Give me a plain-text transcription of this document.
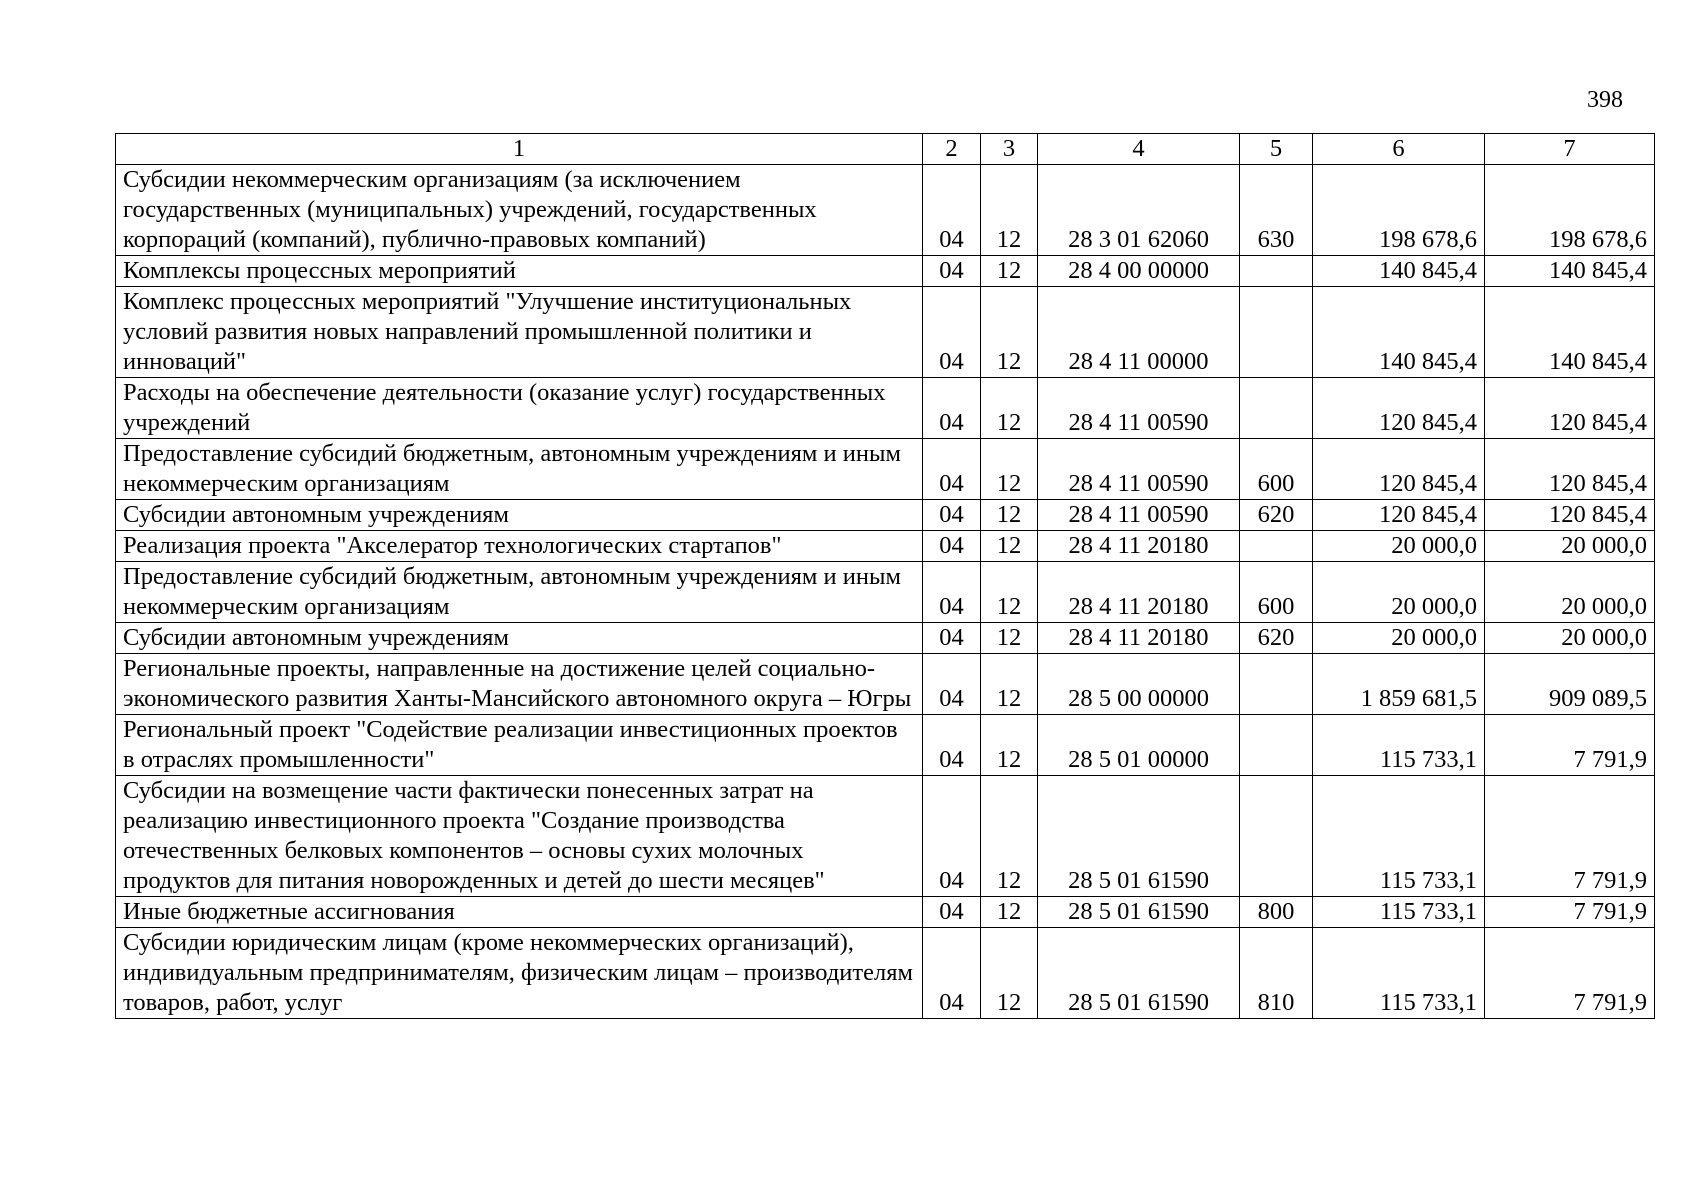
398
1	2	3	4	5	6	7
Субсидии некоммерческим организациям (за исключением государственных (муниципальных) учреждений, государственных корпораций (компаний), публично-правовых компаний)	04	12	28 3 01 62060	630	198 678,6	198 678,6
Комплексы процессных мероприятий	04	12	28 4 00 00000		140 845,4	140 845,4
Комплекс процессных мероприятий "Улучшение институциональных условий развития новых направлений промышленной политики и инноваций"	04	12	28 4 11 00000		140 845,4	140 845,4
Расходы на обеспечение деятельности (оказание услуг) государственных учреждений	04	12	28 4 11 00590		120 845,4	120 845,4
Предоставление субсидий бюджетным, автономным учреждениям и иным некоммерческим организациям	04	12	28 4 11 00590	600	120 845,4	120 845,4
Субсидии автономным учреждениям	04	12	28 4 11 00590	620	120 845,4	120 845,4
Реализация проекта "Акселератор технологических стартапов"	04	12	28 4 11 20180		20 000,0	20 000,0
Предоставление субсидий бюджетным, автономным учреждениям и иным некоммерческим организациям	04	12	28 4 11 20180	600	20 000,0	20 000,0
Субсидии автономным учреждениям	04	12	28 4 11 20180	620	20 000,0	20 000,0
Региональные проекты, направленные на достижение целей социально-экономического развития Ханты-Мансийского автономного округа – Югры	04	12	28 5 00 00000		1 859 681,5	909 089,5
Региональный проект "Содействие реализации инвестиционных проектов в отраслях промышленности"	04	12	28 5 01 00000		115 733,1	7 791,9
Субсидии на возмещение части фактически понесенных затрат на реализацию инвестиционного проекта "Создание производства отечественных белковых компонентов – основы сухих молочных продуктов для питания новорожденных и детей до шести месяцев"	04	12	28 5 01 61590		115 733,1	7 791,9
Иные бюджетные ассигнования	04	12	28 5 01 61590	800	115 733,1	7 791,9
Субсидии юридическим лицам (кроме некоммерческих организаций), индивидуальным предпринимателям, физическим лицам – производителям товаров, работ, услуг	04	12	28 5 01 61590	810	115 733,1	7 791,9
